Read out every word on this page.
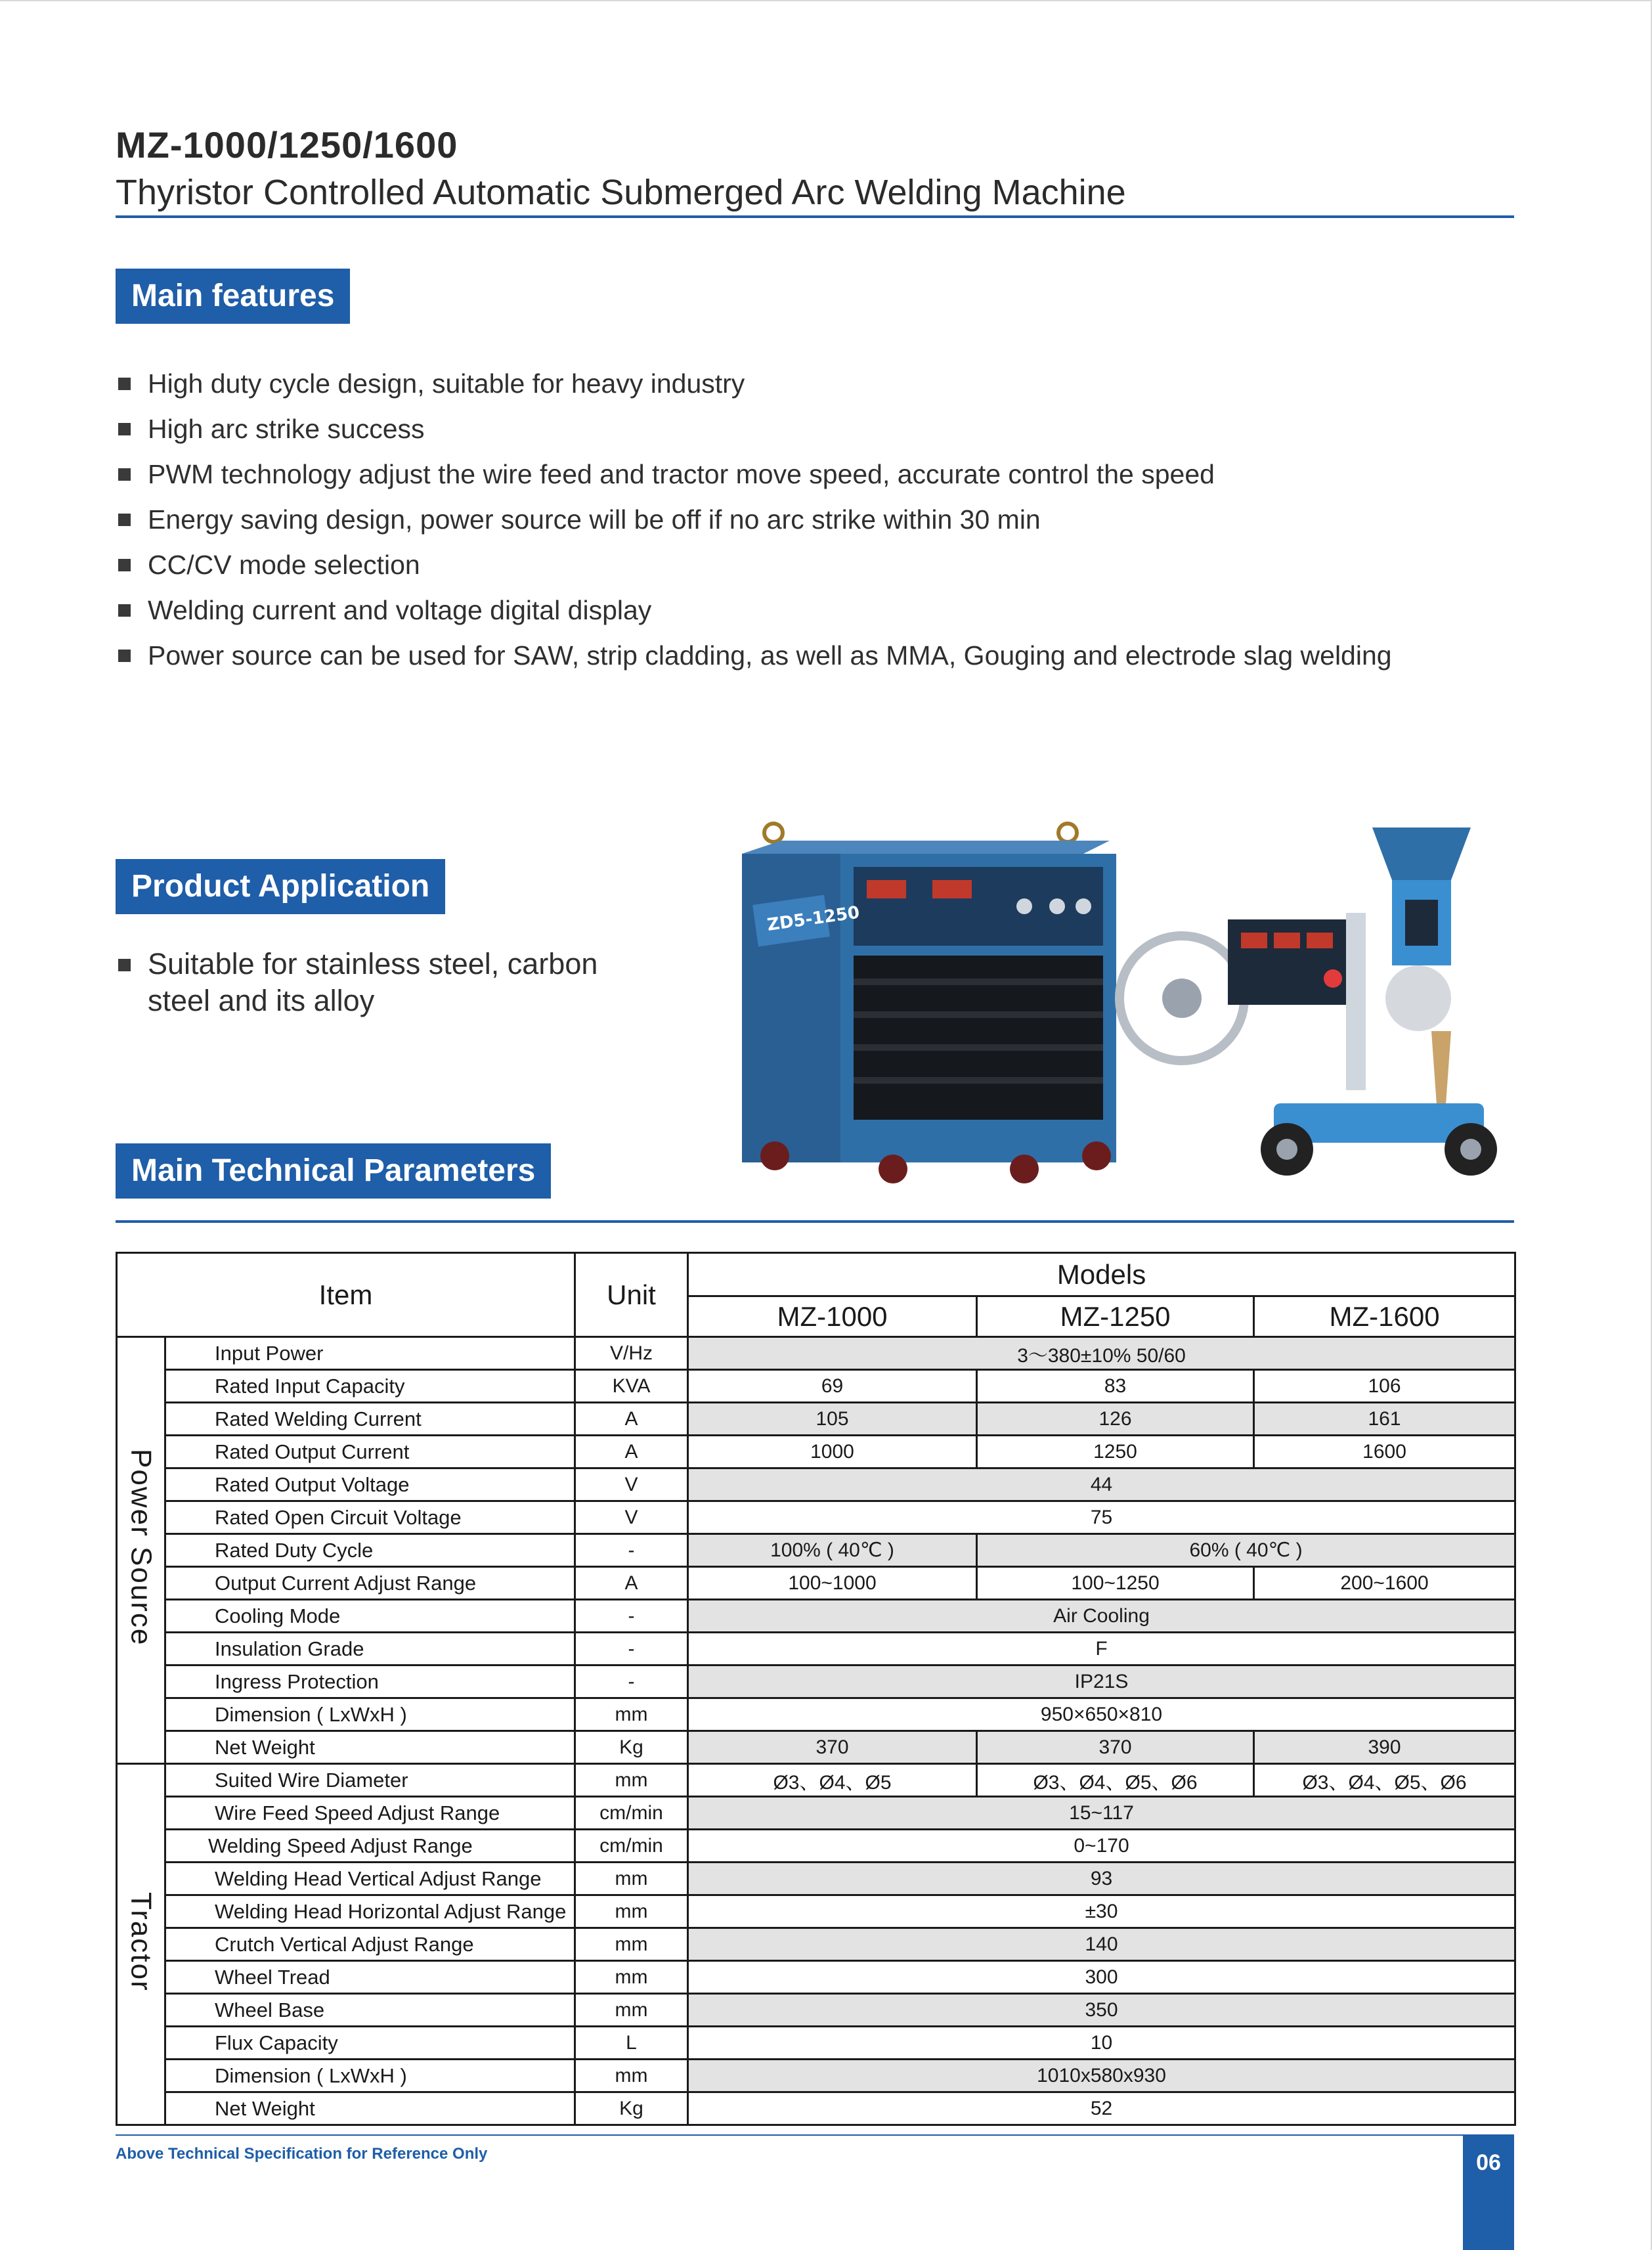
MZ-1000/1250/1600
Thyristor Controlled Automatic Submerged Arc Welding Machine
Main features
High duty cycle design, suitable for heavy industry
High arc strike success
PWM technology adjust the wire feed and tractor move speed, accurate control the speed
Energy saving design, power source will be off if no arc strike within 30 min
CC/CV mode selection
Welding current and voltage digital display
Power source can be used for SAW, strip cladding, as well as MMA, Gouging and electrode slag welding
Product Application
Suitable for stainless steel, carbon
steel and its alloy
ZD5-1250
Main Technical Parameters
Item		Unit	Models		
			MZ-1000	MZ-1250	MZ-1600
Power Source	Input Power	V/Hz	3～380±10% 50/60		
	Rated Input Capacity	KVA	69	83	106
	Rated Welding Current	A	105	126	161
	Rated Output Current	A	1000	1250	1600
	Rated Output Voltage	V	44		
	Rated Open Circuit Voltage	V	75		
	Rated Duty Cycle	-	100% ( 40℃ )	60% ( 40℃ )	
	Output Current Adjust Range	A	100~1000	100~1250	200~1600
	Cooling Mode	-	Air Cooling		
	Insulation Grade	-	F		
	Ingress Protection	-	IP21S		
	Dimension ( LxWxH )	mm	950×650×810		
	Net Weight	Kg	370	370	390
Tractor	Suited Wire Diameter	mm	Ø3、Ø4、Ø5	Ø3、Ø4、Ø5、Ø6	Ø3、Ø4、Ø5、Ø6
	Wire Feed Speed Adjust Range	cm/min	15~117		
	Welding Speed Adjust Range	cm/min	0~170		
	Welding Head Vertical Adjust Range	mm	93		
	Welding Head Horizontal Adjust Range	mm	±30		
	Crutch Vertical Adjust Range	mm	140		
	Wheel Tread	mm	300		
	Wheel Base	mm	350		
	Flux Capacity	L	10		
	Dimension ( LxWxH )	mm	1010x580x930		
	Net Weight	Kg	52		
Above Technical Specification for Reference Only	06
